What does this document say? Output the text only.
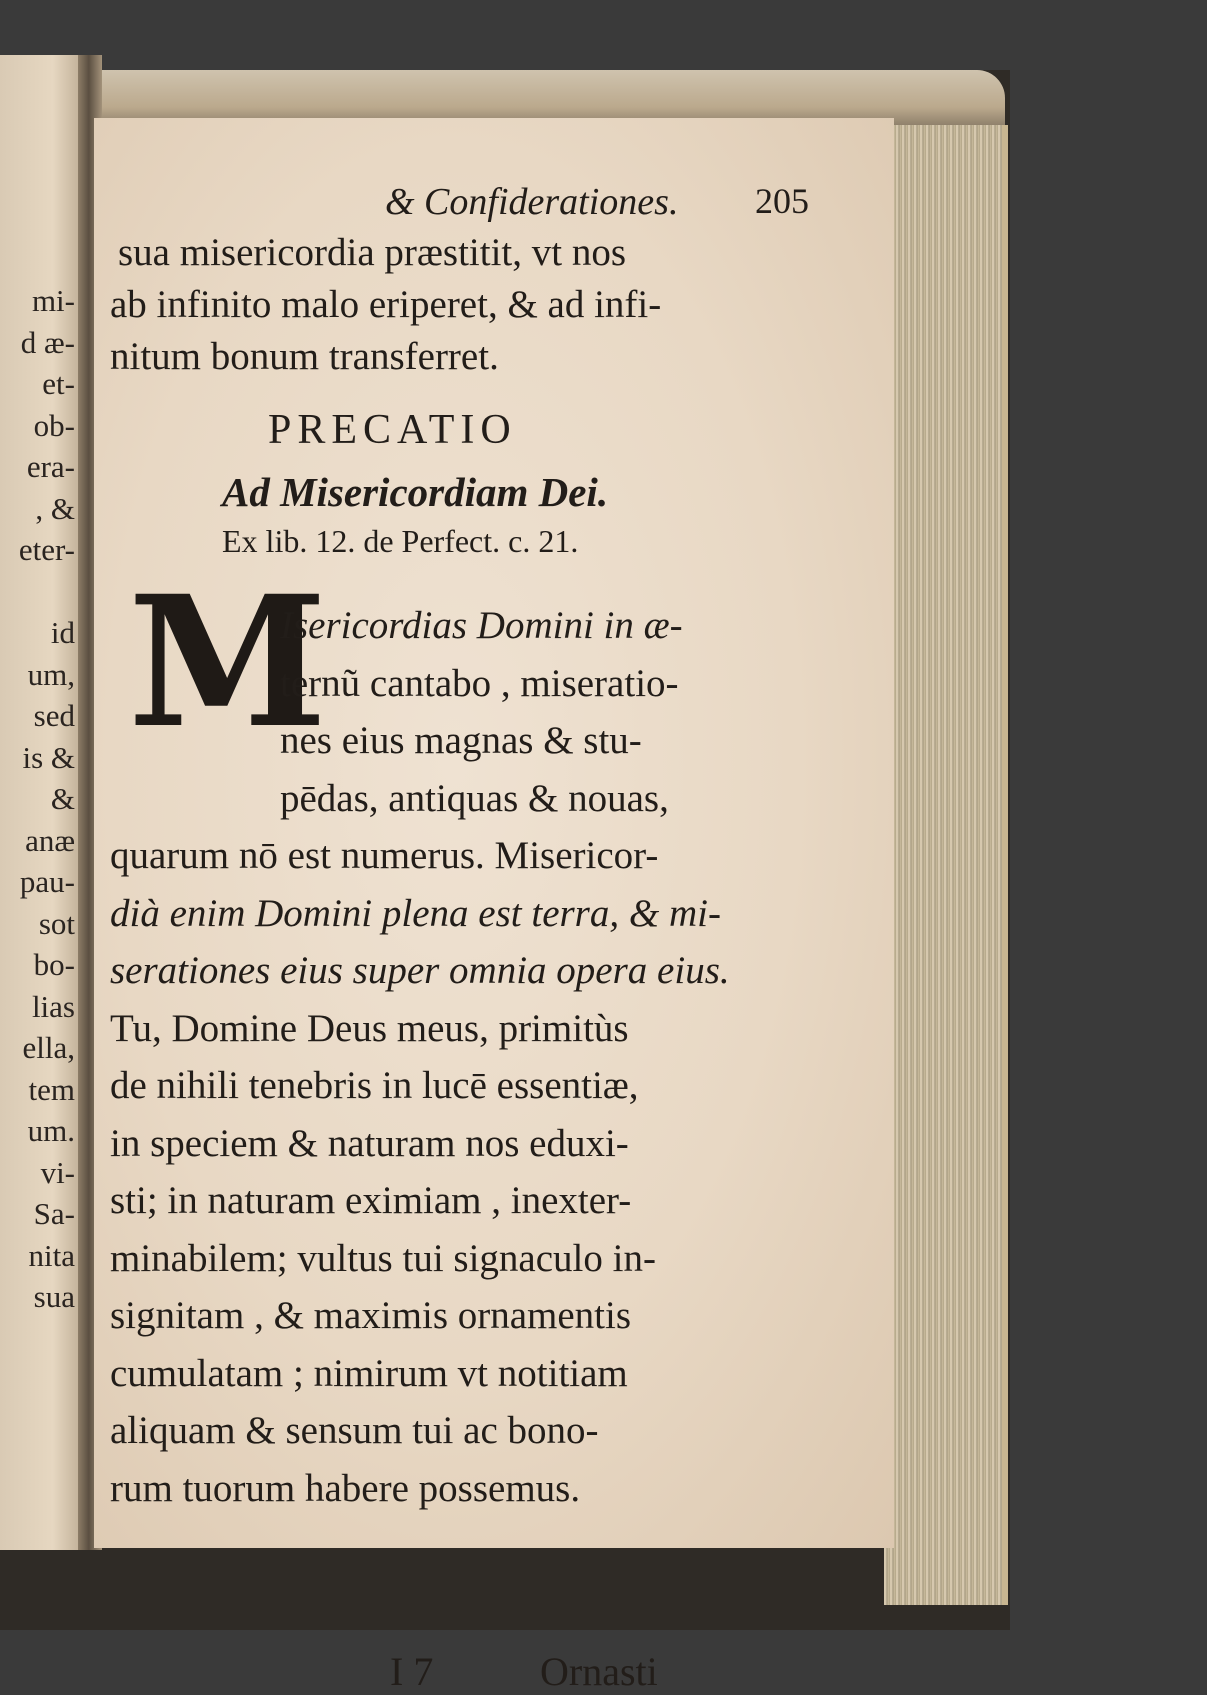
mi-
d æ-
et-
ob-
era-
, &
eter-

id
um,
sed
is &
&
anæ
pau-
sot
bo-
lias
ella,
tem
um.
vi-
Sa-
nita
sua
& Confiderationes. 205
sua misericordia præstitit, vt nos
ab infinito malo eriperet, & ad infi-
nitum bonum transferret.
PRECATIO
Ad Misericordiam Dei.
Ex lib. 12. de Perfect. c. 21.
M
Isericordias Domini in æ-
ternũ cantabo , miseratio-
nes eius magnas & stu-
pēdas, antiquas & nouas,
quarum nō est numerus. Misericor-
dià enim Domini plena est terra, & mi-
serationes eius super omnia opera eius.
Tu, Domine Deus meus, primitùs
de nihili tenebris in lucē essentiæ,
in speciem & naturam nos eduxi-
sti; in naturam eximiam , inexter-
minabilem; vultus tui signaculo in-
signitam , & maximis ornamentis
cumulatam ; nimirum vt notitiam
aliquam & sensum tui ac bono-
rum tuorum habere possemus.
I 7	Ornasti
